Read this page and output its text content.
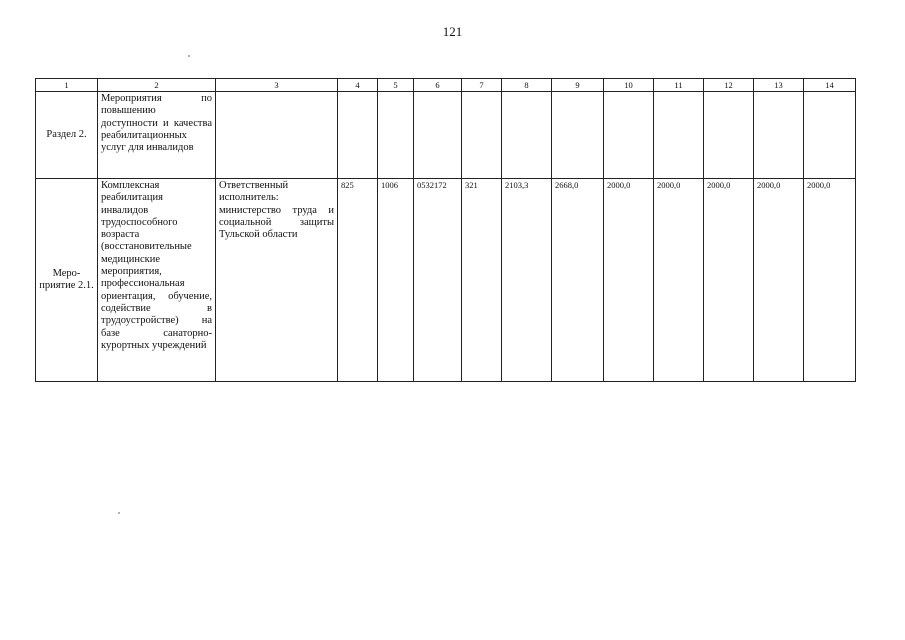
121
1	2	3	4	5	6	7	8	9	10	11	12	13	14
Раздел 2.	Мероприятия по повышению доступности и качества реабилитационных услуг для инвалидов												
Меро-приятие 2.1.	Комплексная реабилитация инвалидов трудоспособного возраста (восстановительные медицинские мероприятия, профессиональная ориентация, обучение, содействие в трудоустройстве) на базе санаторно-курортных учреждений	Ответственный исполнитель: министерство труда и социальной защиты Тульской области	825	1006	0532172	321	2103,3	2668,0	2000,0	2000,0	2000,0	2000,0	2000,0
